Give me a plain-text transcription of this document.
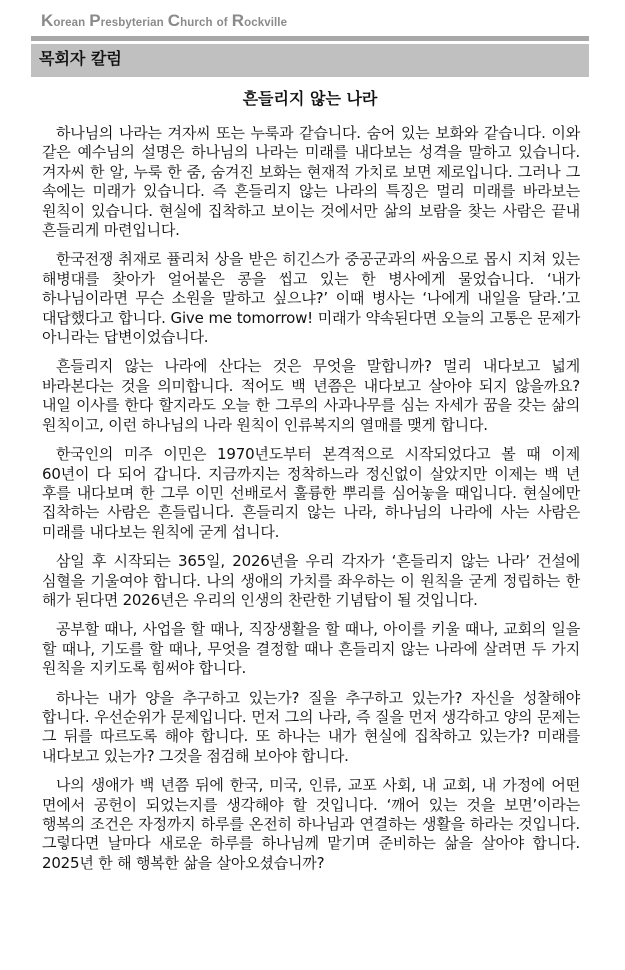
Korean Presbyterian Church of Rockville
목회자 칼럼
흔들리지 않는 나라

하나님의 나라는 겨자씨 또는 누룩과 같습니다. 숨어 있는 보화와 같습니다. 이와 같은 예수님의 설명은 하나님의 나라는 미래를 내다보는 성격을 말하고 있습니다. 겨자씨 한 알, 누룩 한 줌, 숨겨진 보화는 현재적 가치로 보면 제로입니다. 그러나 그 속에는 미래가 있습니다. 즉 흔들리지 않는 나라의 특징은 멀리 미래를 바라보는 원칙이 있습니다. 현실에 집착하고 보이는 것에서만 삶의 보람을 찾는 사람은 끝내 흔들리게 마련입니다.

한국전쟁 취재로 퓰리처 상을 받은 히긴스가 중공군과의 싸움으로 몹시 지쳐 있는 해병대를 찾아가 얼어붙은 콩을 씹고 있는 한 병사에게 물었습니다. ‘내가 하나님이라면 무슨 소원을 말하고 싶으냐?’ 이때 병사는 ‘나에게 내일을 달라.’고 대답했다고 합니다. Give me tomorrow! 미래가 약속된다면 오늘의 고통은 문제가 아니라는 답변이었습니다.

흔들리지 않는 나라에 산다는 것은 무엇을 말합니까? 멀리 내다보고 넓게 바라본다는 것을 의미합니다. 적어도 백 년쯤은 내다보고 살아야 되지 않을까요? 내일 이사를 한다 할지라도 오늘 한 그루의 사과나무를 심는 자세가 꿈을 갖는 삶의 원칙이고, 이런 하나님의 나라 원칙이 인류복지의 열매를 맺게 합니다.

한국인의 미주 이민은 1970년도부터 본격적으로 시작되었다고 볼 때 이제 60년이 다 되어 갑니다. 지금까지는 정착하느라 정신없이 살았지만 이제는 백 년 후를 내다보며 한 그루 이민 선배로서 훌륭한 뿌리를 심어놓을 때입니다. 현실에만 집착하는 사람은 흔들립니다. 흔들리지 않는 나라, 하나님의 나라에 사는 사람은 미래를 내다보는 원칙에 굳게 섭니다.

삼일 후 시작되는 365일, 2026년을 우리 각자가 ‘흔들리지 않는 나라’ 건설에 심혈을 기울여야 합니다. 나의 생애의 가치를 좌우하는 이 원칙을 굳게 정립하는 한 해가 된다면 2026년은 우리의 인생의 찬란한 기념탑이 될 것입니다.

공부할 때나, 사업을 할 때나, 직장생활을 할 때나, 아이를 키울 때나, 교회의 일을 할 때나, 기도를 할 때나, 무엇을 결정할 때나 흔들리지 않는 나라에 살려면 두 가지 원칙을 지키도록 힘써야 합니다.

하나는 내가 양을 추구하고 있는가? 질을 추구하고 있는가? 자신을 성찰해야 합니다. 우선순위가 문제입니다. 먼저 그의 나라, 즉 질을 먼저 생각하고 양의 문제는 그 뒤를 따르도록 해야 합니다. 또 하나는 내가 현실에 집착하고 있는가? 미래를 내다보고 있는가? 그것을 점검해 보아야 합니다.

나의 생애가 백 년쯤 뒤에 한국, 미국, 인류, 교포 사회, 내 교회, 내 가정에 어떤 면에서 공헌이 되었는지를 생각해야 할 것입니다. ‘깨어 있는 것을 보면’이라는 행복의 조건은 자정까지 하루를 온전히 하나님과 연결하는 생활을 하라는 것입니다. 그렇다면 날마다 새로운 하루를 하나님께 맡기며 준비하는 삶을 살아야 합니다. 2025년 한 해 행복한 삶을 살아오셨습니까?
